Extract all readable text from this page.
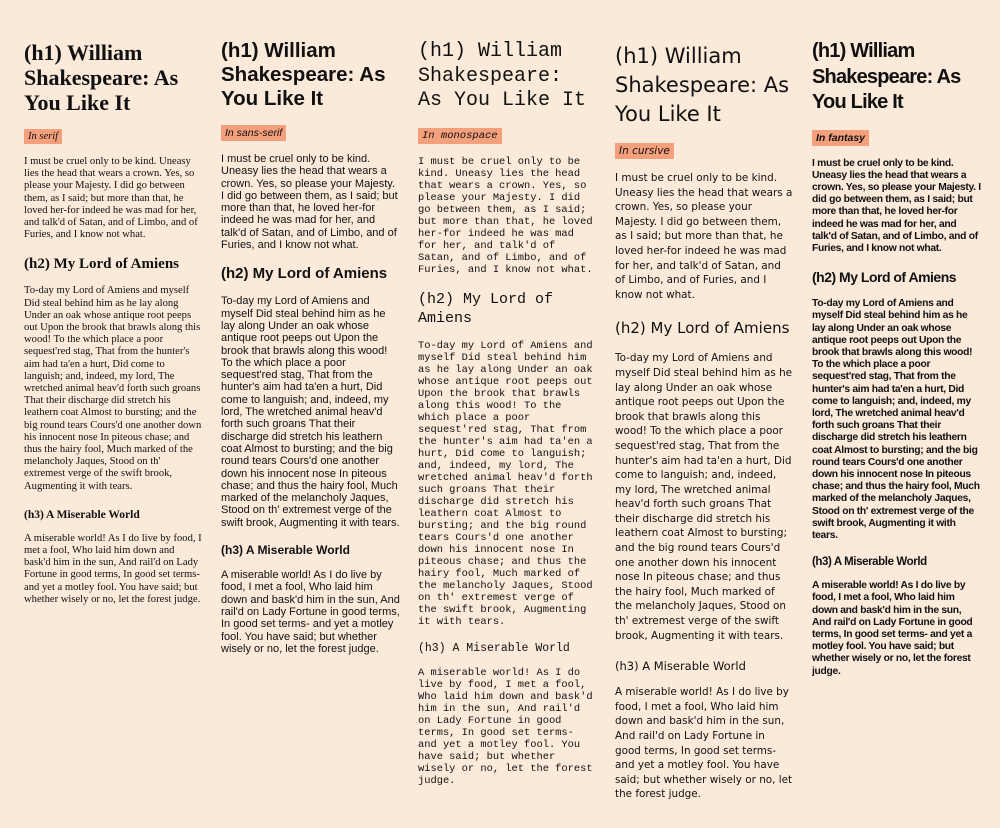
(h1) William Shakespeare: As You Like It
In serif

I must be cruel only to be kind. Uneasy lies the head that wears a crown. Yes, so please your Majesty. I did go between them, as I said; but more than that, he loved her-for indeed he was mad for her, and talk'd of Satan, and of Limbo, and of Furies, and I know not what.

(h2) My Lord of Amiens

To-day my Lord of Amiens and myself Did steal behind him as he lay along Under an oak whose antique root peeps out Upon the brook that brawls along this wood! To the which place a poor sequest'red stag, That from the hunter's aim had ta'en a hurt, Did come to languish; and, indeed, my lord, The wretched animal heav'd forth such groans That their discharge did stretch his leathern coat Almost to bursting; and the big round tears Cours'd one another down his innocent nose In piteous chase; and thus the hairy fool, Much marked of the melancholy Jaques, Stood on th' extremest verge of the swift brook, Augmenting it with tears.

(h3) A Miserable World

A miserable world! As I do live by food, I met a fool, Who laid him down and bask'd him in the sun, And rail'd on Lady Fortune in good terms, In good set terms- and yet a motley fool. You have said; but whether wisely or no, let the forest judge.

(h1) William Shakespeare: As You Like It
In sans-serif

I must be cruel only to be kind. Uneasy lies the head that wears a crown. Yes, so please your Majesty. I did go between them, as I said; but more than that, he loved her-for indeed he was mad for her, and talk'd of Satan, and of Limbo, and of Furies, and I know not what.

(h2) My Lord of Amiens

To-day my Lord of Amiens and myself Did steal behind him as he lay along Under an oak whose antique root peeps out Upon the brook that brawls along this wood! To the which place a poor sequest'red stag, That from the hunter's aim had ta'en a hurt, Did come to languish; and, indeed, my lord, The wretched animal heav'd forth such groans That their discharge did stretch his leathern coat Almost to bursting; and the big round tears Cours'd one another down his innocent nose In piteous chase; and thus the hairy fool, Much marked of the melancholy Jaques, Stood on th' extremest verge of the swift brook, Augmenting it with tears.

(h3) A Miserable World

A miserable world! As I do live by food, I met a fool, Who laid him down and bask'd him in the sun, And rail'd on Lady Fortune in good terms, In good set terms- and yet a motley fool. You have said; but whether wisely or no, let the forest judge.

(h1) William Shakespeare: As You Like It
In monospace

I must be cruel only to be kind. Uneasy lies the head that wears a crown. Yes, so please your Majesty. I did go between them, as I said; but more than that, he loved her-for indeed he was mad for her, and talk'd of Satan, and of Limbo, and of Furies, and I know not what.

(h2) My Lord of Amiens

To-day my Lord of Amiens and myself Did steal behind him as he lay along Under an oak whose antique root peeps out Upon the brook that brawls along this wood! To the which place a poor sequest'red stag, That from the hunter's aim had ta'en a hurt, Did come to languish; and, indeed, my lord, The wretched animal heav'd forth such groans That their discharge did stretch his leathern coat Almost to bursting; and the big round tears Cours'd one another down his innocent nose In piteous chase; and thus the hairy fool, Much marked of the melancholy Jaques, Stood on th' extremest verge of the swift brook, Augmenting it with tears.

(h3) A Miserable World

A miserable world! As I do live by food, I met a fool, Who laid him down and bask'd him in the sun, And rail'd on Lady Fortune in good terms, In good set terms- and yet a motley fool. You have said; but whether wisely or no, let the forest judge.

(h1) William Shakespeare: As You Like It
In cursive

I must be cruel only to be kind. Uneasy lies the head that wears a crown. Yes, so please your Majesty. I did go between them, as I said; but more than that, he loved her-for indeed he was mad for her, and talk'd of Satan, and of Limbo, and of Furies, and I know not what.

(h2) My Lord of Amiens

To-day my Lord of Amiens and myself Did steal behind him as he lay along Under an oak whose antique root peeps out Upon the brook that brawls along this wood! To the which place a poor sequest'red stag, That from the hunter's aim had ta'en a hurt, Did come to languish; and, indeed, my lord, The wretched animal heav'd forth such groans That their discharge did stretch his leathern coat Almost to bursting; and the big round tears Cours'd one another down his innocent nose In piteous chase; and thus the hairy fool, Much marked of the melancholy Jaques, Stood on th' extremest verge of the swift brook, Augmenting it with tears.

(h3) A Miserable World

A miserable world! As I do live by food, I met a fool, Who laid him down and bask'd him in the sun, And rail'd on Lady Fortune in good terms, In good set terms- and yet a motley fool. You have said; but whether wisely or no, let the forest judge.

(h1) William Shakespeare: As You Like It
In fantasy

I must be cruel only to be kind. Uneasy lies the head that wears a crown. Yes, so please your Majesty. I did go between them, as I said; but more than that, he loved her-for indeed he was mad for her, and talk'd of Satan, and of Limbo, and of Furies, and I know not what.

(h2) My Lord of Amiens

To-day my Lord of Amiens and myself Did steal behind him as he lay along Under an oak whose antique root peeps out Upon the brook that brawls along this wood! To the which place a poor sequest'red stag, That from the hunter's aim had ta'en a hurt, Did come to languish; and, indeed, my lord, The wretched animal heav'd forth such groans That their discharge did stretch his leathern coat Almost to bursting; and the big round tears Cours'd one another down his innocent nose In piteous chase; and thus the hairy fool, Much marked of the melancholy Jaques, Stood on th' extremest verge of the swift brook, Augmenting it with tears.

(h3) A Miserable World

A miserable world! As I do live by food, I met a fool, Who laid him down and bask'd him in the sun, And rail'd on Lady Fortune in good terms, In good set terms- and yet a motley fool. You have said; but whether wisely or no, let the forest judge.
